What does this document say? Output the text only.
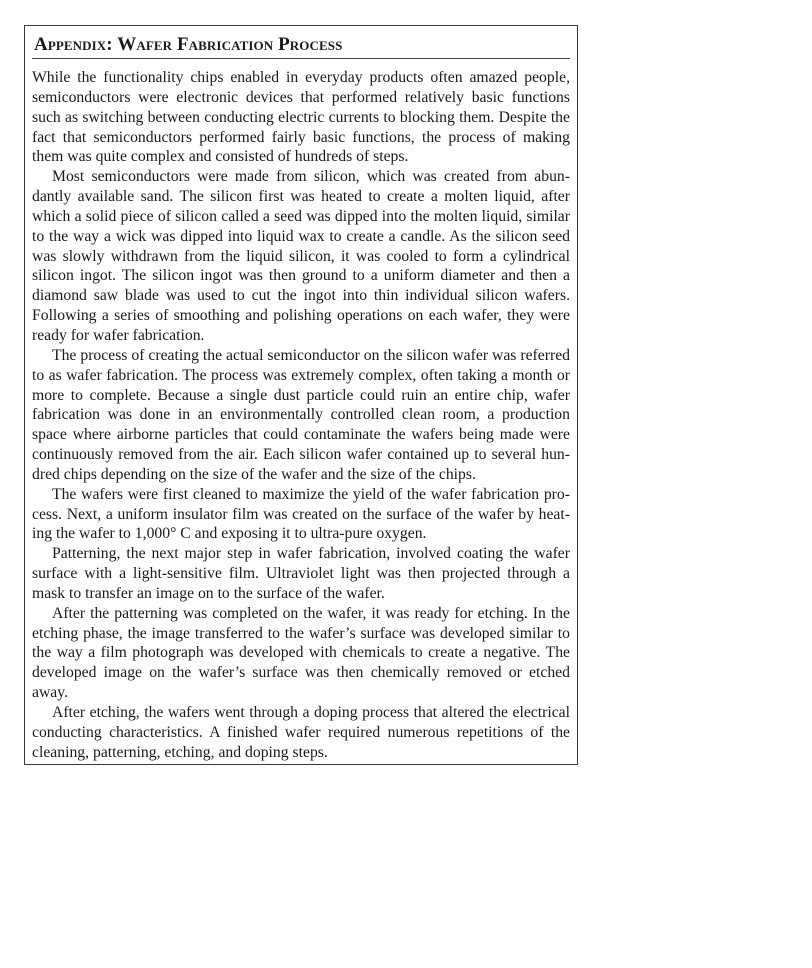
Appendix: Wafer Fabrication Process

While the functionality chips enabled in everyday products often amazed people, semiconductors were electronic devices that performed relatively basic functions such as switching between conducting electric currents to blocking them. Despite the fact that semiconductors performed fairly basic functions, the process of making them was quite complex and consisted of hundreds of steps.

Most semiconductors were made from silicon, which was created from abundantly available sand. The silicon first was heated to create a molten liquid, after which a solid piece of silicon called a seed was dipped into the molten liquid, similar to the way a wick was dipped into liquid wax to create a candle. As the silicon seed was slowly withdrawn from the liquid silicon, it was cooled to form a cylindrical silicon ingot. The silicon ingot was then ground to a uniform diameter and then a diamond saw blade was used to cut the ingot into thin individual silicon wafers. Following a series of smoothing and polishing operations on each wafer, they were ready for wafer fabrication.

The process of creating the actual semiconductor on the silicon wafer was referred to as wafer fabrication. The process was extremely complex, often taking a month or more to complete. Because a single dust particle could ruin an entire chip, wafer fabrication was done in an environmentally controlled clean room, a production space where airborne particles that could contaminate the wafers being made were continuously removed from the air. Each silicon wafer contained up to several hundred chips depending on the size of the wafer and the size of the chips.

The wafers were first cleaned to maximize the yield of the wafer fabrication process. Next, a uniform insulator film was created on the surface of the wafer by heating the wafer to 1,000° C and exposing it to ultra-pure oxygen.

Patterning, the next major step in wafer fabrication, involved coating the wafer surface with a light-sensitive film. Ultraviolet light was then projected through a mask to transfer an image on to the surface of the wafer.

After the patterning was completed on the wafer, it was ready for etching. In the etching phase, the image transferred to the wafer’s surface was developed similar to the way a film photograph was developed with chemicals to create a negative. The developed image on the wafer’s surface was then chemically removed or etched away.

After etching, the wafers went through a doping process that altered the electrical conducting characteristics. A finished wafer required numerous repetitions of the cleaning, patterning, etching, and doping steps.
